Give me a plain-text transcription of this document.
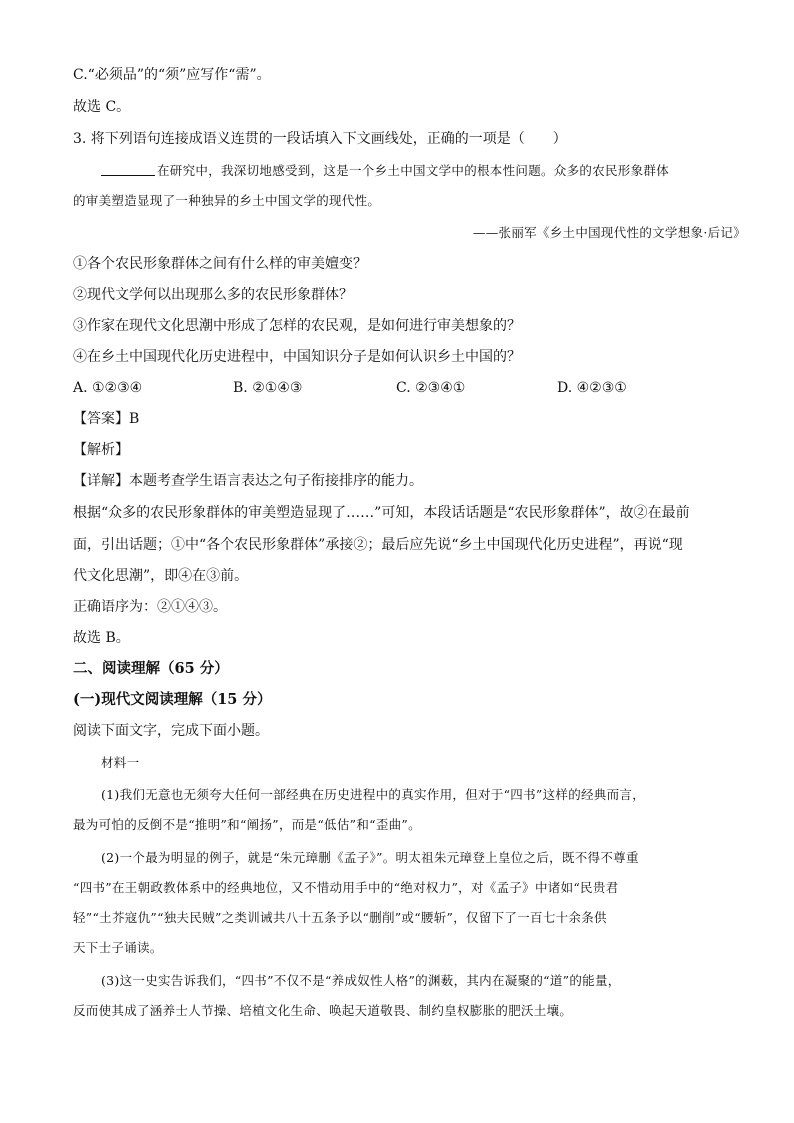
C.“必须品”的“须”应写作“需”。
故选 C。
3. 将下列语句连接成语义连贯的一段话填入下文画线处，正确的一项是（　　）
在研究中，我深切地感受到，这是一个乡土中国文学中的根本性问题。众多的农民形象群体
的审美塑造显现了一种独异的乡土中国文学的现代性。
——张丽军《乡土中国现代性的文学想象·后记》
①各个农民形象群体之间有什么样的审美嬗变？
②现代文学何以出现那么多的农民形象群体？
③作家在现代文化思潮中形成了怎样的农民观，是如何进行审美想象的？
④在乡土中国现代化历史进程中，中国知识分子是如何认识乡土中国的？
A. ①②③④	B. ②①④③	C. ②③④①	D. ④②③①
【答案】B
【解析】
【详解】本题考查学生语言表达之句子衔接排序的能力。
根据“众多的农民形象群体的审美塑造显现了……”可知，本段话话题是“农民形象群体”，故②在最前
面，引出话题；①中“各个农民形象群体”承接②；最后应先说“乡土中国现代化历史进程”，再说“现
代文化思潮”，即④在③前。
正确语序为：②①④③。
故选 B。
二、阅读理解（65 分）
(一)现代文阅读理解（15 分）
阅读下面文字，完成下面小题。
材料一
(1)我们无意也无须夸大任何一部经典在历史进程中的真实作用，但对于“四书”这样的经典而言，
最为可怕的反倒不是“推明”和“阐扬”，而是“低估”和“歪曲”。
(2)一个最为明显的例子，就是“朱元璋删《孟子》”。明太祖朱元璋登上皇位之后，既不得不尊重
“四书”在王朝政教体系中的经典地位，又不惜动用手中的“绝对权力”，对《孟子》中诸如“民贵君
轻”“土芥寇仇”“独夫民贼”之类训诫共八十五条予以“删削”或“腰斩”，仅留下了一百七十余条供
天下士子诵读。
(3)这一史实告诉我们，“四书”不仅不是“养成奴性人格”的渊薮，其内在凝聚的“道”的能量，
反而使其成了涵养士人节操、培植文化生命、唤起天道敬畏、制约皇权膨胀的肥沃土壤。
